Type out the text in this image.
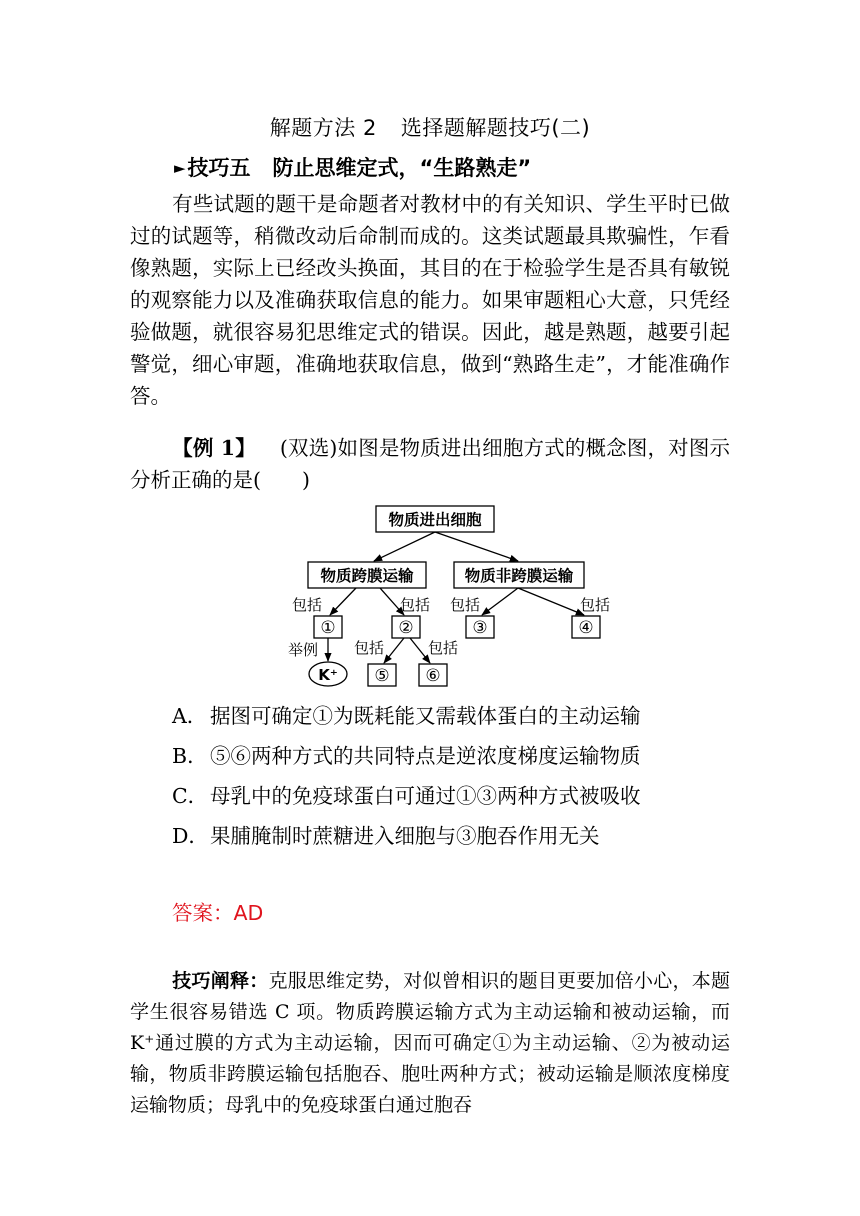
解题方法 2 选择题解题技巧(二)
►技巧五 防止思维定式，“生路熟走”
有些试题的题干是命题者对教材中的有关知识、学生平时已做过的试题等，稍微改动后命制而成的。这类试题最具欺骗性，乍看像熟题，实际上已经改头换面，其目的在于检验学生是否具有敏锐的观察能力以及准确获取信息的能力。如果审题粗心大意，只凭经验做题，就很容易犯思维定式的错误。因此，越是熟题，越要引起警觉，细心审题，准确地获取信息，做到“熟路生走”，才能准确作答。
【例 1】 (双选)如图是物质进出细胞方式的概念图，对图示分析正确的是(　　)
物质进出细胞
物质跨膜运输	物质非跨膜运输
包括	包括 包括	包括
包括	包括
举例
①	②	③	④
⑤ ⑥
K⁺
A． 据图可确定①为既耗能又需载体蛋白的主动运输
B． ⑤⑥两种方式的共同特点是逆浓度梯度运输物质
C．母乳中的免疫球蛋白可通过①③两种方式被吸收
D．果脯腌制时蔗糖进入细胞与③胞吞作用无关
答案：AD
技巧阐释：克服思维定势，对似曾相识的题目更要加倍小心，本题学生很容易错选 C 项。物质跨膜运输方式为主动运输和被动运输，而 K⁺通过膜的方式为主动运输，因而可确定①为主动运输、②为被动运输，物质非跨膜运输包括胞吞、胞吐两种方式；被动运输是顺浓度梯度运输物质；母乳中的免疫球蛋白通过胞吞
